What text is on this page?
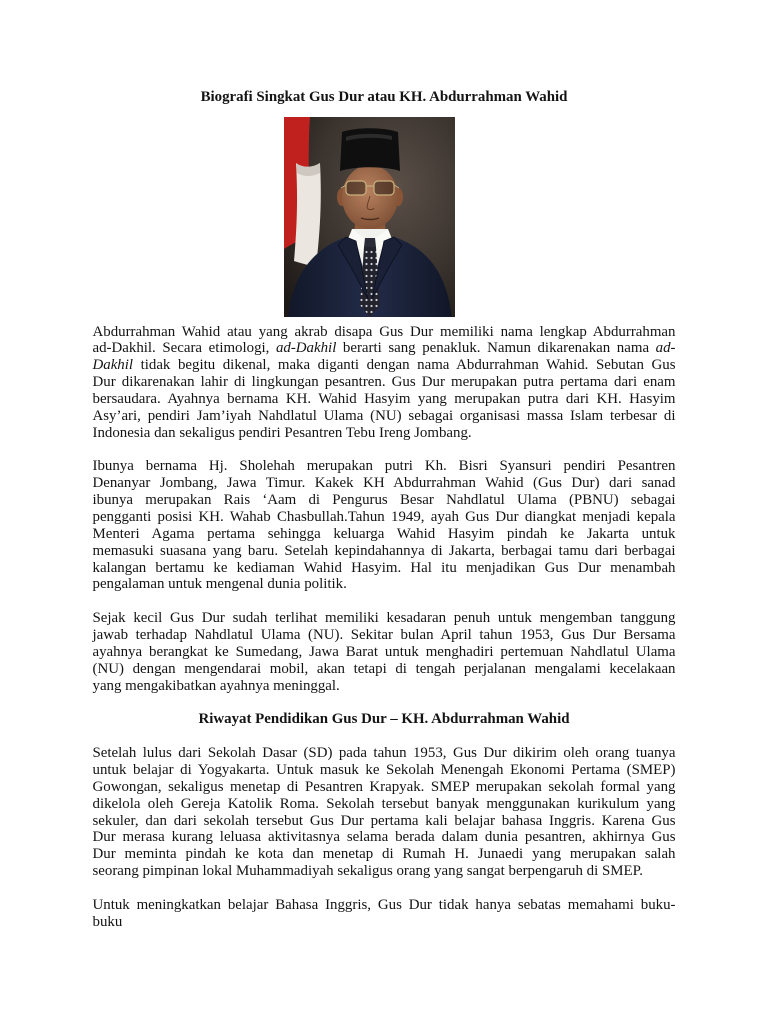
Biografi Singkat Gus Dur atau KH. Abdurrahman Wahid
Abdurrahman Wahid atau yang akrab disapa Gus Dur memiliki nama lengkap Abdurrahman
ad-Dakhil. Secara etimologi, ad-Dakhil berarti sang penakluk. Namun dikarenakan nama ad-
Dakhil tidak begitu dikenal, maka diganti dengan nama Abdurrahman Wahid. Sebutan Gus
Dur dikarenakan lahir di lingkungan pesantren. Gus Dur merupakan putra pertama dari enam
bersaudara. Ayahnya bernama KH. Wahid Hasyim yang merupakan putra dari KH. Hasyim
Asy’ari, pendiri Jam’iyah Nahdlatul Ulama (NU) sebagai organisasi massa Islam terbesar di
Indonesia dan sekaligus pendiri Pesantren Tebu Ireng Jombang.
Ibunya bernama Hj. Sholehah merupakan putri Kh. Bisri Syansuri pendiri Pesantren
Denanyar Jombang, Jawa Timur. Kakek KH Abdurrahman Wahid (Gus Dur) dari sanad
ibunya merupakan Rais ‘Aam di Pengurus Besar Nahdlatul Ulama (PBNU) sebagai
pengganti posisi KH. Wahab Chasbullah.Tahun 1949, ayah Gus Dur diangkat menjadi kepala
Menteri Agama pertama sehingga keluarga Wahid Hasyim pindah ke Jakarta untuk
memasuki suasana yang baru. Setelah kepindahannya di Jakarta, berbagai tamu dari berbagai
kalangan bertamu ke kediaman Wahid Hasyim. Hal itu menjadikan Gus Dur menambah
pengalaman untuk mengenal dunia politik.
Sejak kecil Gus Dur sudah terlihat memiliki kesadaran penuh untuk mengemban tanggung
jawab terhadap Nahdlatul Ulama (NU). Sekitar bulan April tahun 1953, Gus Dur Bersama
ayahnya berangkat ke Sumedang, Jawa Barat untuk menghadiri pertemuan Nahdlatul Ulama
(NU) dengan mengendarai mobil, akan tetapi di tengah perjalanan mengalami kecelakaan
yang mengakibatkan ayahnya meninggal.
Riwayat Pendidikan Gus Dur – KH. Abdurrahman Wahid
Setelah lulus dari Sekolah Dasar (SD) pada tahun 1953, Gus Dur dikirim oleh orang tuanya
untuk belajar di Yogyakarta. Untuk masuk ke Sekolah Menengah Ekonomi Pertama (SMEP)
Gowongan, sekaligus menetap di Pesantren Krapyak. SMEP merupakan sekolah formal yang
dikelola oleh Gereja Katolik Roma. Sekolah tersebut banyak menggunakan kurikulum yang
sekuler, dan dari sekolah tersebut Gus Dur pertama kali belajar bahasa Inggris. Karena Gus
Dur merasa kurang leluasa aktivitasnya selama berada dalam dunia pesantren, akhirnya Gus
Dur meminta pindah ke kota dan menetap di Rumah H. Junaedi yang merupakan salah
seorang pimpinan lokal Muhammadiyah sekaligus orang yang sangat berpengaruh di SMEP.
Untuk meningkatkan belajar Bahasa Inggris, Gus Dur tidak hanya sebatas memahami buku-
buku
